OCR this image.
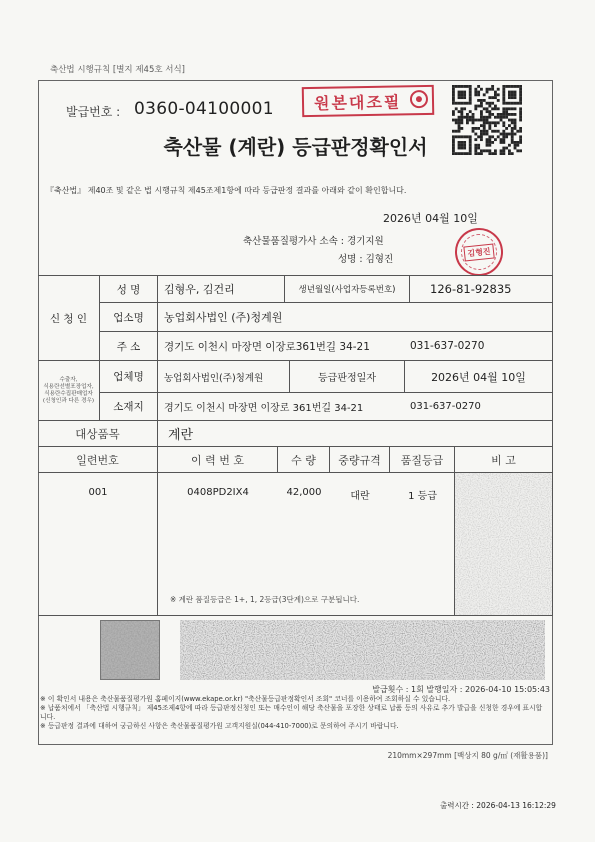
축산법 시행규칙 [별지 제45호 서식]
발급번호 : 0360-04100001	원본대조필
축산물 (계란) 등급판정확인서
『축산법』 제40조 및 같은 법 시행규칙 제45조제1항에 따라 등급판정 결과를 아래와 같이 확인합니다.
2026년 04월 10일
축산물품질평가사 소속 : 경기지원
성명 : 김형진
김형진
신 청 인
성 명	김형우, 김건리	생년월일(사업자등록번호)	126-81-92835
업소명	농업회사법인 (주)청계원
주 소	경기도 이천시 마장면 이장로361번길 34-21	031-637-0270
수출자,
식용란선별포장업자,
식용란수집판매업자
(신청인과 다른 경우)
업체명	농업회사법인(주)청계원	등급판정일자	2026년 04월 10일
소재지	경기도 이천시 마장면 이장로 361번길 34-21	031-637-0270
대상품목	계란
일련번호	이 력 번 호	수 량	중량규격	품질등급	비 고
001	0408PD2IX4	42,000	대란	1 등급
※ 계란 품질등급은 1+, 1, 2등급(3단계)으로 구분됩니다.
발급횟수 : 1회 발행일자 : 2026-04-10 15:05:43
※ 이 확인서 내용은 축산물품질평가원 홈페이지(www.ekape.or.kr) "축산물등급판정확인서 조회" 코너를 이용하여 조회하실 수 있습니다.
※ 납품처에서 「축산법 시행규칙」 제45조제4항에 따라 등급판정신청인 또는 매수인이 해당 축산물을 포장한 상태로 납품 등의 사유로 추가 발급을 신청한 경우에 표시합니다.
※ 등급판정 결과에 대하여 궁금하신 사항은 축산물품질평가원 고객지원실(044-410-7000)로 문의하여 주시기 바랍니다.
210mm×297mm [백상지 80 g/㎡ (재활용품)]
출력시간 : 2026-04-13 16:12:29
